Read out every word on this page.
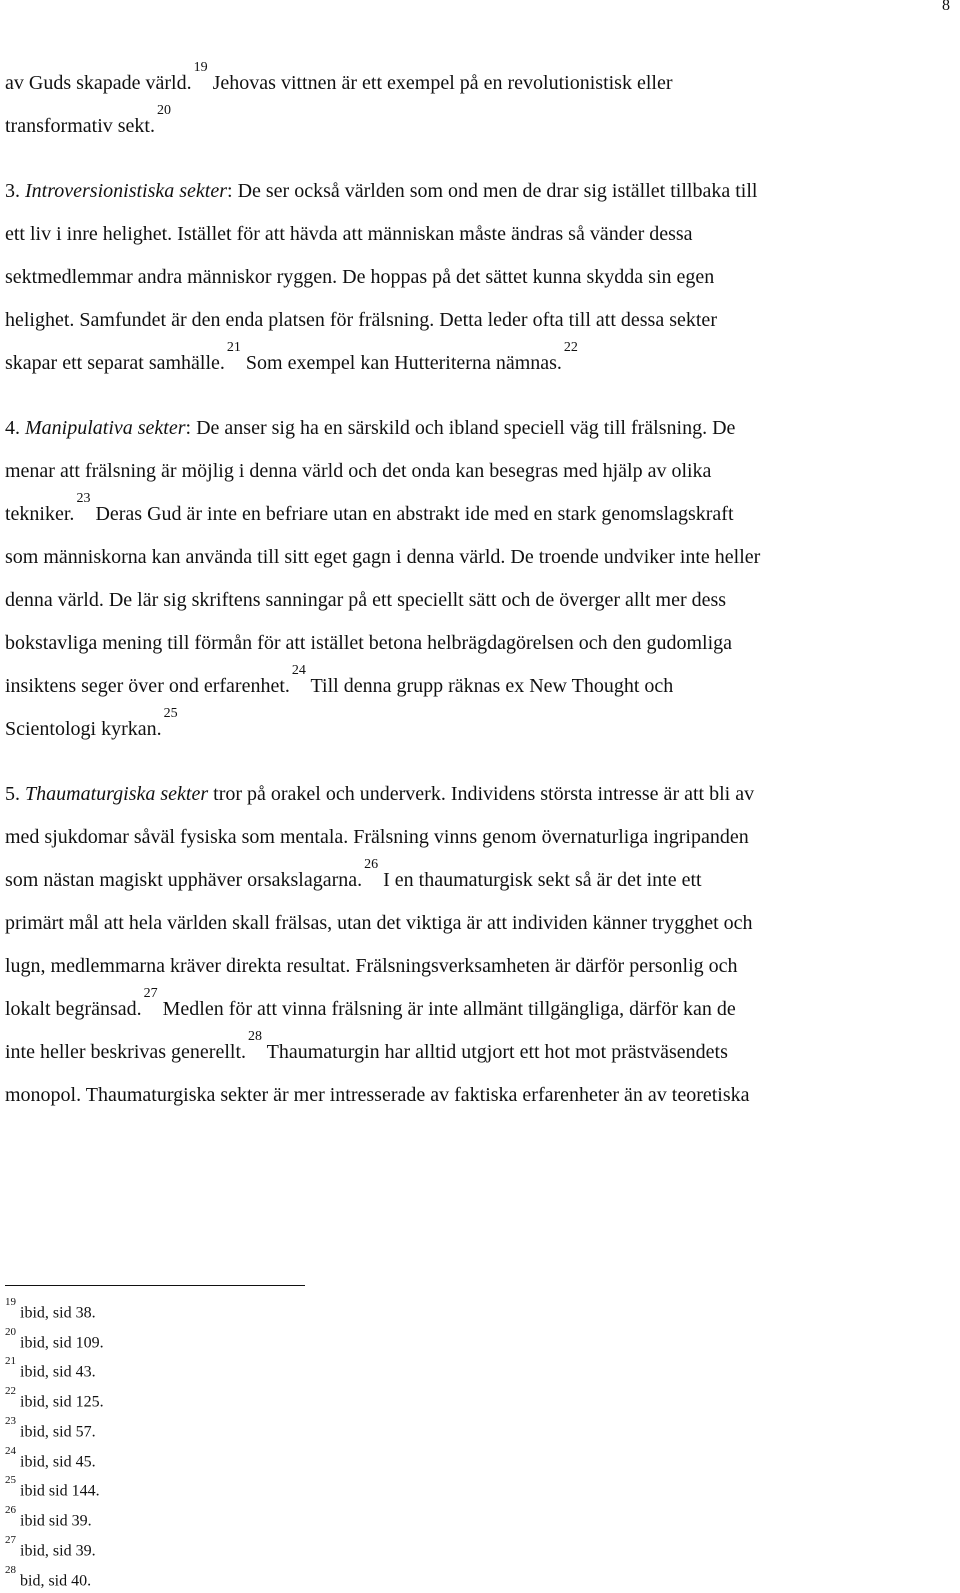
8
av Guds skapade värld.$^{19}$ Jehovas vittnen är ett exempel på en revolutionistisk eller
transformativ sekt.$^{20}$
3. Introversionistiska sekter: De ser också världen som ond men de drar sig istället tillbaka till
ett liv i inre helighet. Istället för att hävda att människan måste ändras så vänder dessa
sektmedlemmar andra människor ryggen. De hoppas på det sättet kunna skydda sin egen
helighet. Samfundet är den enda platsen för frälsning. Detta leder ofta till att dessa sekter
skapar ett separat samhälle.$^{21}$ Som exempel kan Hutteriterna nämnas.$^{22}$
4. Manipulativa sekter: De anser sig ha en särskild och ibland speciell väg till frälsning. De
menar att frälsning är möjlig i denna värld och det onda kan besegras med hjälp av olika
tekniker.$^{23}$ Deras Gud är inte en befriare utan en abstrakt ide med en stark genomslagskraft
som människorna kan använda till sitt eget gagn i denna värld. De troende undviker inte heller
denna värld. De lär sig skriftens sanningar på ett speciellt sätt och de överger allt mer dess
bokstavliga mening till förmån för att istället betona helbrägdagörelsen och den gudomliga
insiktens seger över ond erfarenhet.$^{24}$ Till denna grupp räknas ex New Thought och
Scientologi kyrkan.$^{25}$
5. Thaumaturgiska sekter tror på orakel och underverk. Individens största intresse är att bli av
med sjukdomar såväl fysiska som mentala. Frälsning vinns genom övernaturliga ingripanden
som nästan magiskt upphäver orsakslagarna.$^{26}$ I en thaumaturgisk sekt så är det inte ett
primärt mål att hela världen skall frälsas, utan det viktiga är att individen känner trygghet och
lugn, medlemmarna kräver direkta resultat. Frälsningsverksamheten är därför personlig och
lokalt begränsad.$^{27}$ Medlen för att vinna frälsning är inte allmänt tillgängliga, därför kan de
inte heller beskrivas generellt.$^{28}$ Thaumaturgin har alltid utgjort ett hot mot prästväsendets
monopol. Thaumaturgiska sekter är mer intresserade av faktiska erfarenheter än av teoretiska
$^{19}$ibid, sid 38.
$^{20}$ibid, sid 109.
$^{21}$ibid, sid 43.
$^{22}$ibid, sid 125.
$^{23}$ibid, sid 57.
$^{24}$ibid, sid 45.
$^{25}$ibid sid 144.
$^{26}$ibid sid 39.
$^{27}$ibid, sid 39.
$^{28}$bid, sid 40.
